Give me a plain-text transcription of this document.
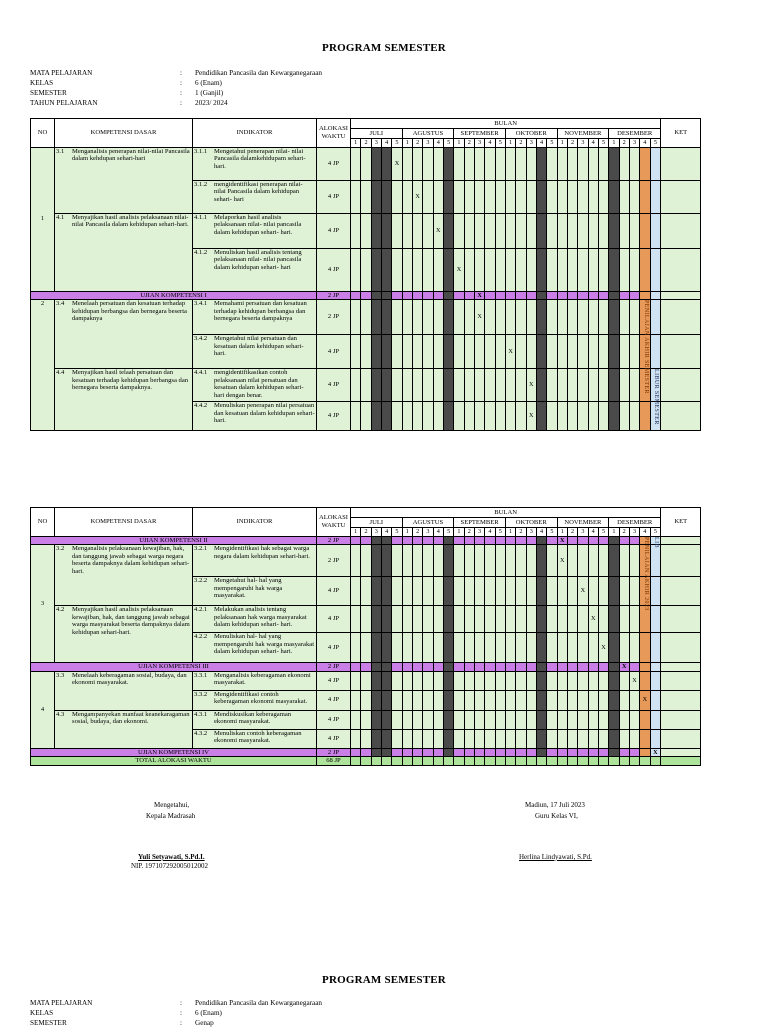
PROGRAM SEMESTER
MATA PELAJARAN	: Pendidikan Pancasila dan Kewarganegaraan
KELAS	: 6 (Enam)
SEMESTER	: 1 (Ganjil)
TAHUN PELAJARAN	: 2023/ 2024
NO	KOMPETENSI DASAR	INDIKATOR	ALOKASI
WAKTU	BULAN																														KET
				JULI					AGUSTUS					SEPTEMBER					OKTOBER					NOVEMBER					DESEMBER					
				1	2	3	4	5	1	2	3	4	5	1	2	3	4	5	1	2	3	4	5	1	2	3	4	5	1	2	3	4	5	
1	3.1 Menganalisis penerapan nilai-nilai Pancasila dalam kehdupan sehari-hari	3.1.1 Mengetahui penerapan nilai- nilai Pancasila dalamkehidupam sehari- hari.	4 JP					X																										

		3.1.2 mengidentifikasi penerapan nilai- nilai Pancasila dalam kehidupan sehari- hari	4 JP							X																								

	4.1 Menyajikan hasil analisis pelaksanaan nilai-nilai Pancasila dalam kehidupan sehari-hari.	4.1.1 Melaporkan hasil analisis pelaksanaan nilai- nilai pancasila dalam kehidupan sehari- hari.	4 JP									X																						

		4.1.2 Menuliskan hasil analisis tentang pelaksanaan nilai- nilai pancasila dalam kehidupan sehari- hari	4 JP											X																				
UJIAN KOMPETENSI I			2 JP													X																		
2	3.4 Menelaah persatuan dan kesatuan terhadap kehidupan berbangsa dan bernegara beserta dampaknya	3.4.1 Memahami persatuan dan kesatuan terhadap kehidupan berbangsa dan bernegara beserta dampaknya	2 JP													X																PENILAIAN AKHIR SEMESTER		

		3.4.2 Mengetahui nilai persatuan dan kesatuan dalam kehidupan sehari- hari.	4 JP																X															

	4.4 Menyajikan hasil telaah persatuan dan kesatuan terhadap kehidupan berbangsa dan bernegara beserta dampaknya.	4.4.1 mengidentifikasikan contoh pelaksanaan nilai persatuan dan kesatuan dalam kehidupan sehari- hari dengan benar.	4 JP																		X												LIBUR SEMESTER	

		4.4.2 Menuliskan penerapan nilai persatuan dan kesatuan dalam kehidupan sehari- hari.	4 JP																		X													
NO	KOMPETENSI DASAR	INDIKATOR	ALOKASI
WAKTU	BULAN																														KET
				JULI					AGUSTUS					SEPTEMBER					OKTOBER					NOVEMBER					DESEMBER					
				1	2	3	4	5	1	2	3	4	5	1	2	3	4	5	1	2	3	4	5	1	2	3	4	5	1	2	3	4	5	
UJIAN KOMPETENSI II			2 JP																					X								PENILAIAN AKHIR 2023	LIB	

3	3.2 Menganalisis pelaksanaan kewajiban, hak, dan tanggung jawab sebagai warga negara beserta dampaknya dalam kehidupan sehari-hari.	3.2.1 Mengidentifikasi hak sebagai warga negara dalam kehidupan sehari-hari.	2 JP																					X										

		3.2.2 Mengetahui hal- hal yang mempengaruhi hak warga masyarakat.	4 JP																							X								

	4.2 Menyajikan hasil analisis pelaksanaan kewajiban, hak, dan tanggung jawab sebagai warga masyarakat beserta dampaknya dalam kehidupan sehari-hari.	4.2.1 Melakukan analisis tentang pelaksanaan hak warga masyarakat dalam kehidupan sehari- hari.	4 JP																								X							

		4.2.2 Menuliskan hal- hal yang mempengaruhi hak warga masyarakat dalam kehidupan sehari- hari.	4 JP																									X						
UJIAN KOMPETENSI III			2 JP																											X				
4	3.3 Menelaah keberagaman sosial, budaya, dan ekonomi masyarakat.	3.3.1 Menganalisis keberagaman ekonomi masyarakat.	4 JP																												X			

		3.3.2 Mengidentifikasi contoh keberagaman ekonomi masyarakat.	4 JP																													X		

	4.3 Mengampanyekan manfaat keanekaragaman sosial, budaya, dan ekonomi.	4.3.1 Mendiskusikan keberagaman ekonomi masyarakat.	4 JP																															

		4.3.2 Menuliskan contoh keberagaman ekonomi masyarakat.	4 JP																															
UJIAN KOMPETENSI IV			2 JP																														X	
TOTAL ALOKASI WAKTU			68 JP																															
Mengetahui,
Kepala Madrasah
Yuli Setyawati, S.Pd.I.
NIP. 197107292005012002
Madiun, 17 Juli 2023
Guru Kelas VI,
Herlina Lindyawati, S.Pd.
PROGRAM SEMESTER
MATA PELAJARAN	: Pendidikan Pancasila dan Kewarganegaraan
KELAS	: 6 (Enam)
SEMESTER	: Genap
